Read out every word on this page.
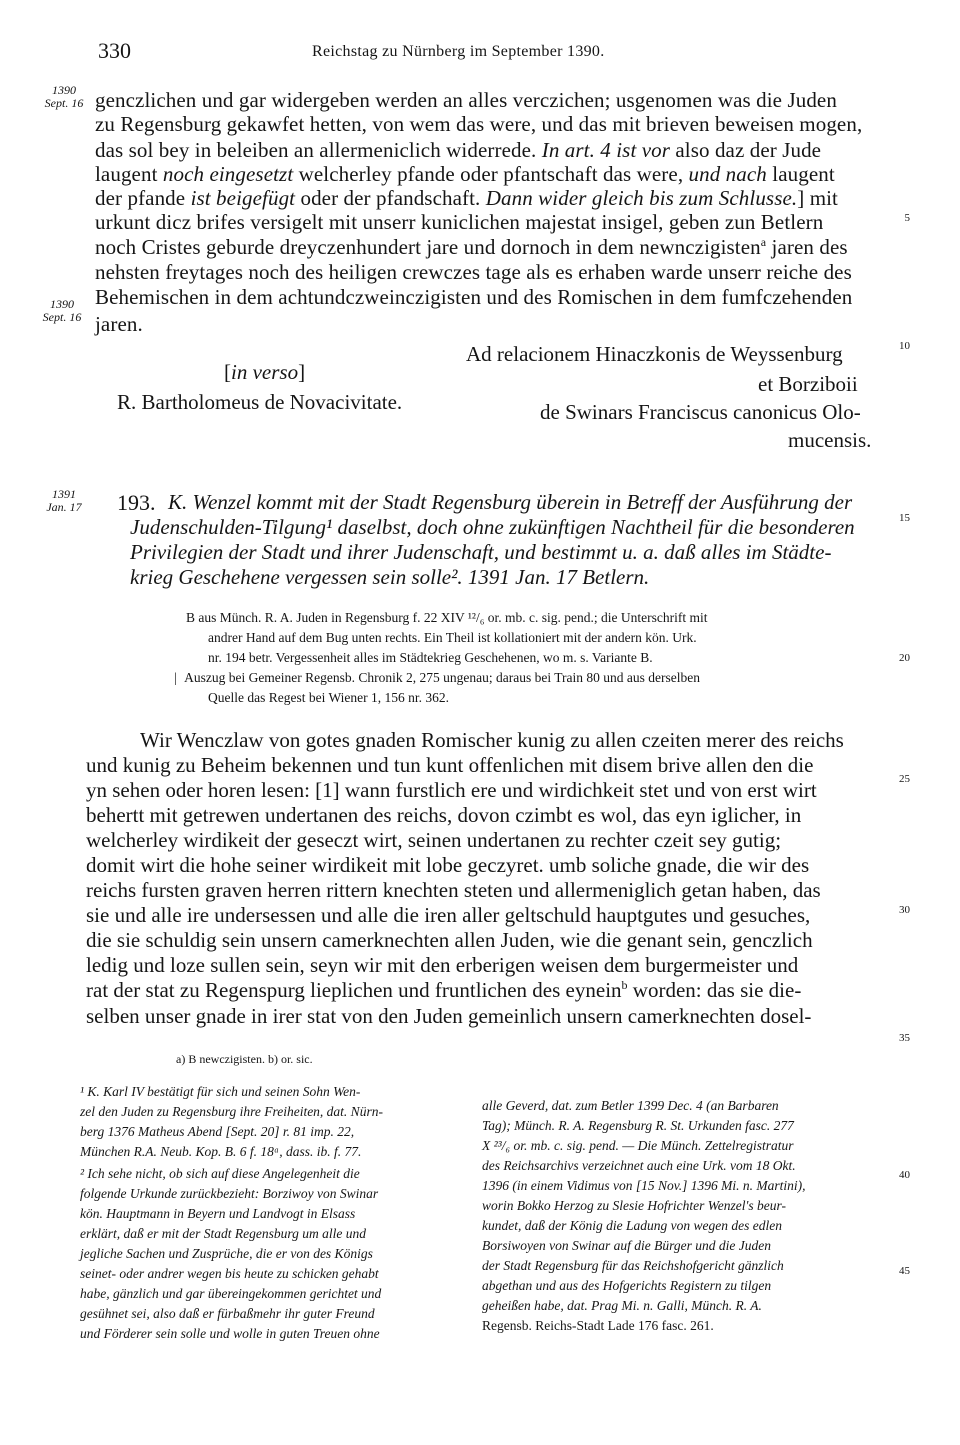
330	Reichstag zu Nürnberg im September 1390.
1390
Sept. 16
1390
Sept. 16
1391
Jan. 17
5
10
15
20
25
30
35
40
45
genczlichen und gar widergeben werden an alles verczichen; usgenomen was die Juden
zu Regensburg gekawfet hetten, von wem das were, und das mit brieven beweisen mogen,
das sol bey in beleiben an allermeniclich widerrede. In art. 4 ist vor also daz der Jude
laugent noch eingesetzt welcherley pfande oder pfantschaft das were, und nach laugent
der pfande ist beigefügt oder der pfandschaft. Dann wider gleich bis zum Schlusse.] mit
urkunt dicz brifes versigelt mit unserr kuniclichen majestat insigel, geben zun Betlern
noch Cristes geburde dreyczenhundert jare und dornoch in dem newnczigisten$^a$ jaren des
nehsten freytages noch des heiligen crewczes tage als es erhaben warde unserr reiche des
Behemischen in dem achtundczweinczigisten und des Romischen in dem fumfczehenden
jaren.
[in verso]
R. Bartholomeus de Novacivitate.
Ad relacionem Hinaczkonis de Weyssenburg
et Borziboii
de Swinars Franciscus canonicus Olo-
mucensis.
193. K. Wenzel kommt mit der Stadt Regensburg überein in Betreff der Ausführung der
Judenschulden-Tilgung¹ daselbst, doch ohne zukünftigen Nachtheil für die besonderen
Privilegien der Stadt und ihrer Judenschaft, und bestimmt u. a. daß alles im Städte-
krieg Geschehene vergessen sein solle². 1391 Jan. 17 Betlern.
B aus Münch. R. A. Juden in Regensburg f. 22 XIV ¹²/₆ or. mb. c. sig. pend.; die Unterschrift mit
andrer Hand auf dem Bug unten rechts. Ein Theil ist kollationiert mit der andern kön. Urk.
nr. 194 betr. Vergessenheit alles im Städtekrieg Geschehenen, wo m. s. Variante B.
| Auszug bei Gemeiner Regensb. Chronik 2, 275 ungenau; daraus bei Train 80 und aus derselben
Quelle das Regest bei Wiener 1, 156 nr. 362.
Wir Wenczlaw von gotes gnaden Romischer kunig zu allen czeiten merer des reichs
und kunig zu Beheim bekennen und tun kunt offenlichen mit disem brive allen den die
yn sehen oder horen lesen: [1] wann furstlich ere und wirdichkeit stet und von erst wirt
behertt mit getrewen undertanen des reichs, dovon czimbt es wol, das eyn iglicher, in
welcherley wirdikeit der geseczt wirt, seinen undertanen zu rechter czeit sey gutig;
domit wirt die hohe seiner wirdikeit mit lobe geczyret. umb soliche gnade, die wir des
reichs fursten graven herren rittern knechten steten und allermeniglich getan haben, das
sie und alle ire undersessen und alle die iren aller geltschuld hauptgutes und gesuches,
die sie schuldig sein unsern camerknechten allen Juden, wie die genant sein, genczlich
ledig und loze sullen sein, seyn wir mit den erberigen weisen dem burgermeister und
rat der stat zu Regenspurg lieplichen und fruntlichen des eynein$^b$ worden: das sie die-
selben unser gnade in irer stat von den Juden gemeinlich unsern camerknechten dosel-
a) B newczigisten. b) or. sic.
¹ K. Karl IV bestätigt für sich und seinen Sohn Wen-
zel den Juden zu Regensburg ihre Freiheiten, dat. Nürn-
berg 1376 Matheus Abend [Sept. 20] r. 81 imp. 22,
München R.A. Neub. Kop. B. 6 f. 18ᵃ, dass. ib. f. 77.
² Ich sehe nicht, ob sich auf diese Angelegenheit die
folgende Urkunde zurückbezieht: Borziwoy von Swinar
kön. Hauptmann in Beyern und Landvogt in Elsass
erklärt, daß er mit der Stadt Regensburg um alle und
jegliche Sachen und Zusprüche, die er von des Königs
seinet- oder andrer wegen bis heute zu schicken gehabt
habe, gänzlich und gar übereingekommen gerichtet und
gesühnet sei, also daß er fürbaßmehr ihr guter Freund
und Förderer sein solle und wolle in guten Treuen ohne
alle Geverd, dat. zum Betler 1399 Dec. 4 (an Barbaren
Tag); Münch. R. A. Regensburg R. St. Urkunden fasc. 277
X ²³/₆ or. mb. c. sig. pend. — Die Münch. Zettelregistratur
des Reichsarchivs verzeichnet auch eine Urk. vom 18 Okt.
1396 (in einem Vidimus von [15 Nov.] 1396 Mi. n. Martini),
worin Bokko Herzog zu Slesie Hofrichter Wenzel's beur-
kundet, daß der König die Ladung von wegen des edlen
Borsiwoyen von Swinar auf die Bürger und die Juden
der Stadt Regensburg für das Reichshofgericht gänzlich
abgethan und aus des Hofgerichts Registern zu tilgen
geheißen habe, dat. Prag Mi. n. Galli, Münch. R. A.
Regensb. Reichs-Stadt Lade 176 fasc. 261.
